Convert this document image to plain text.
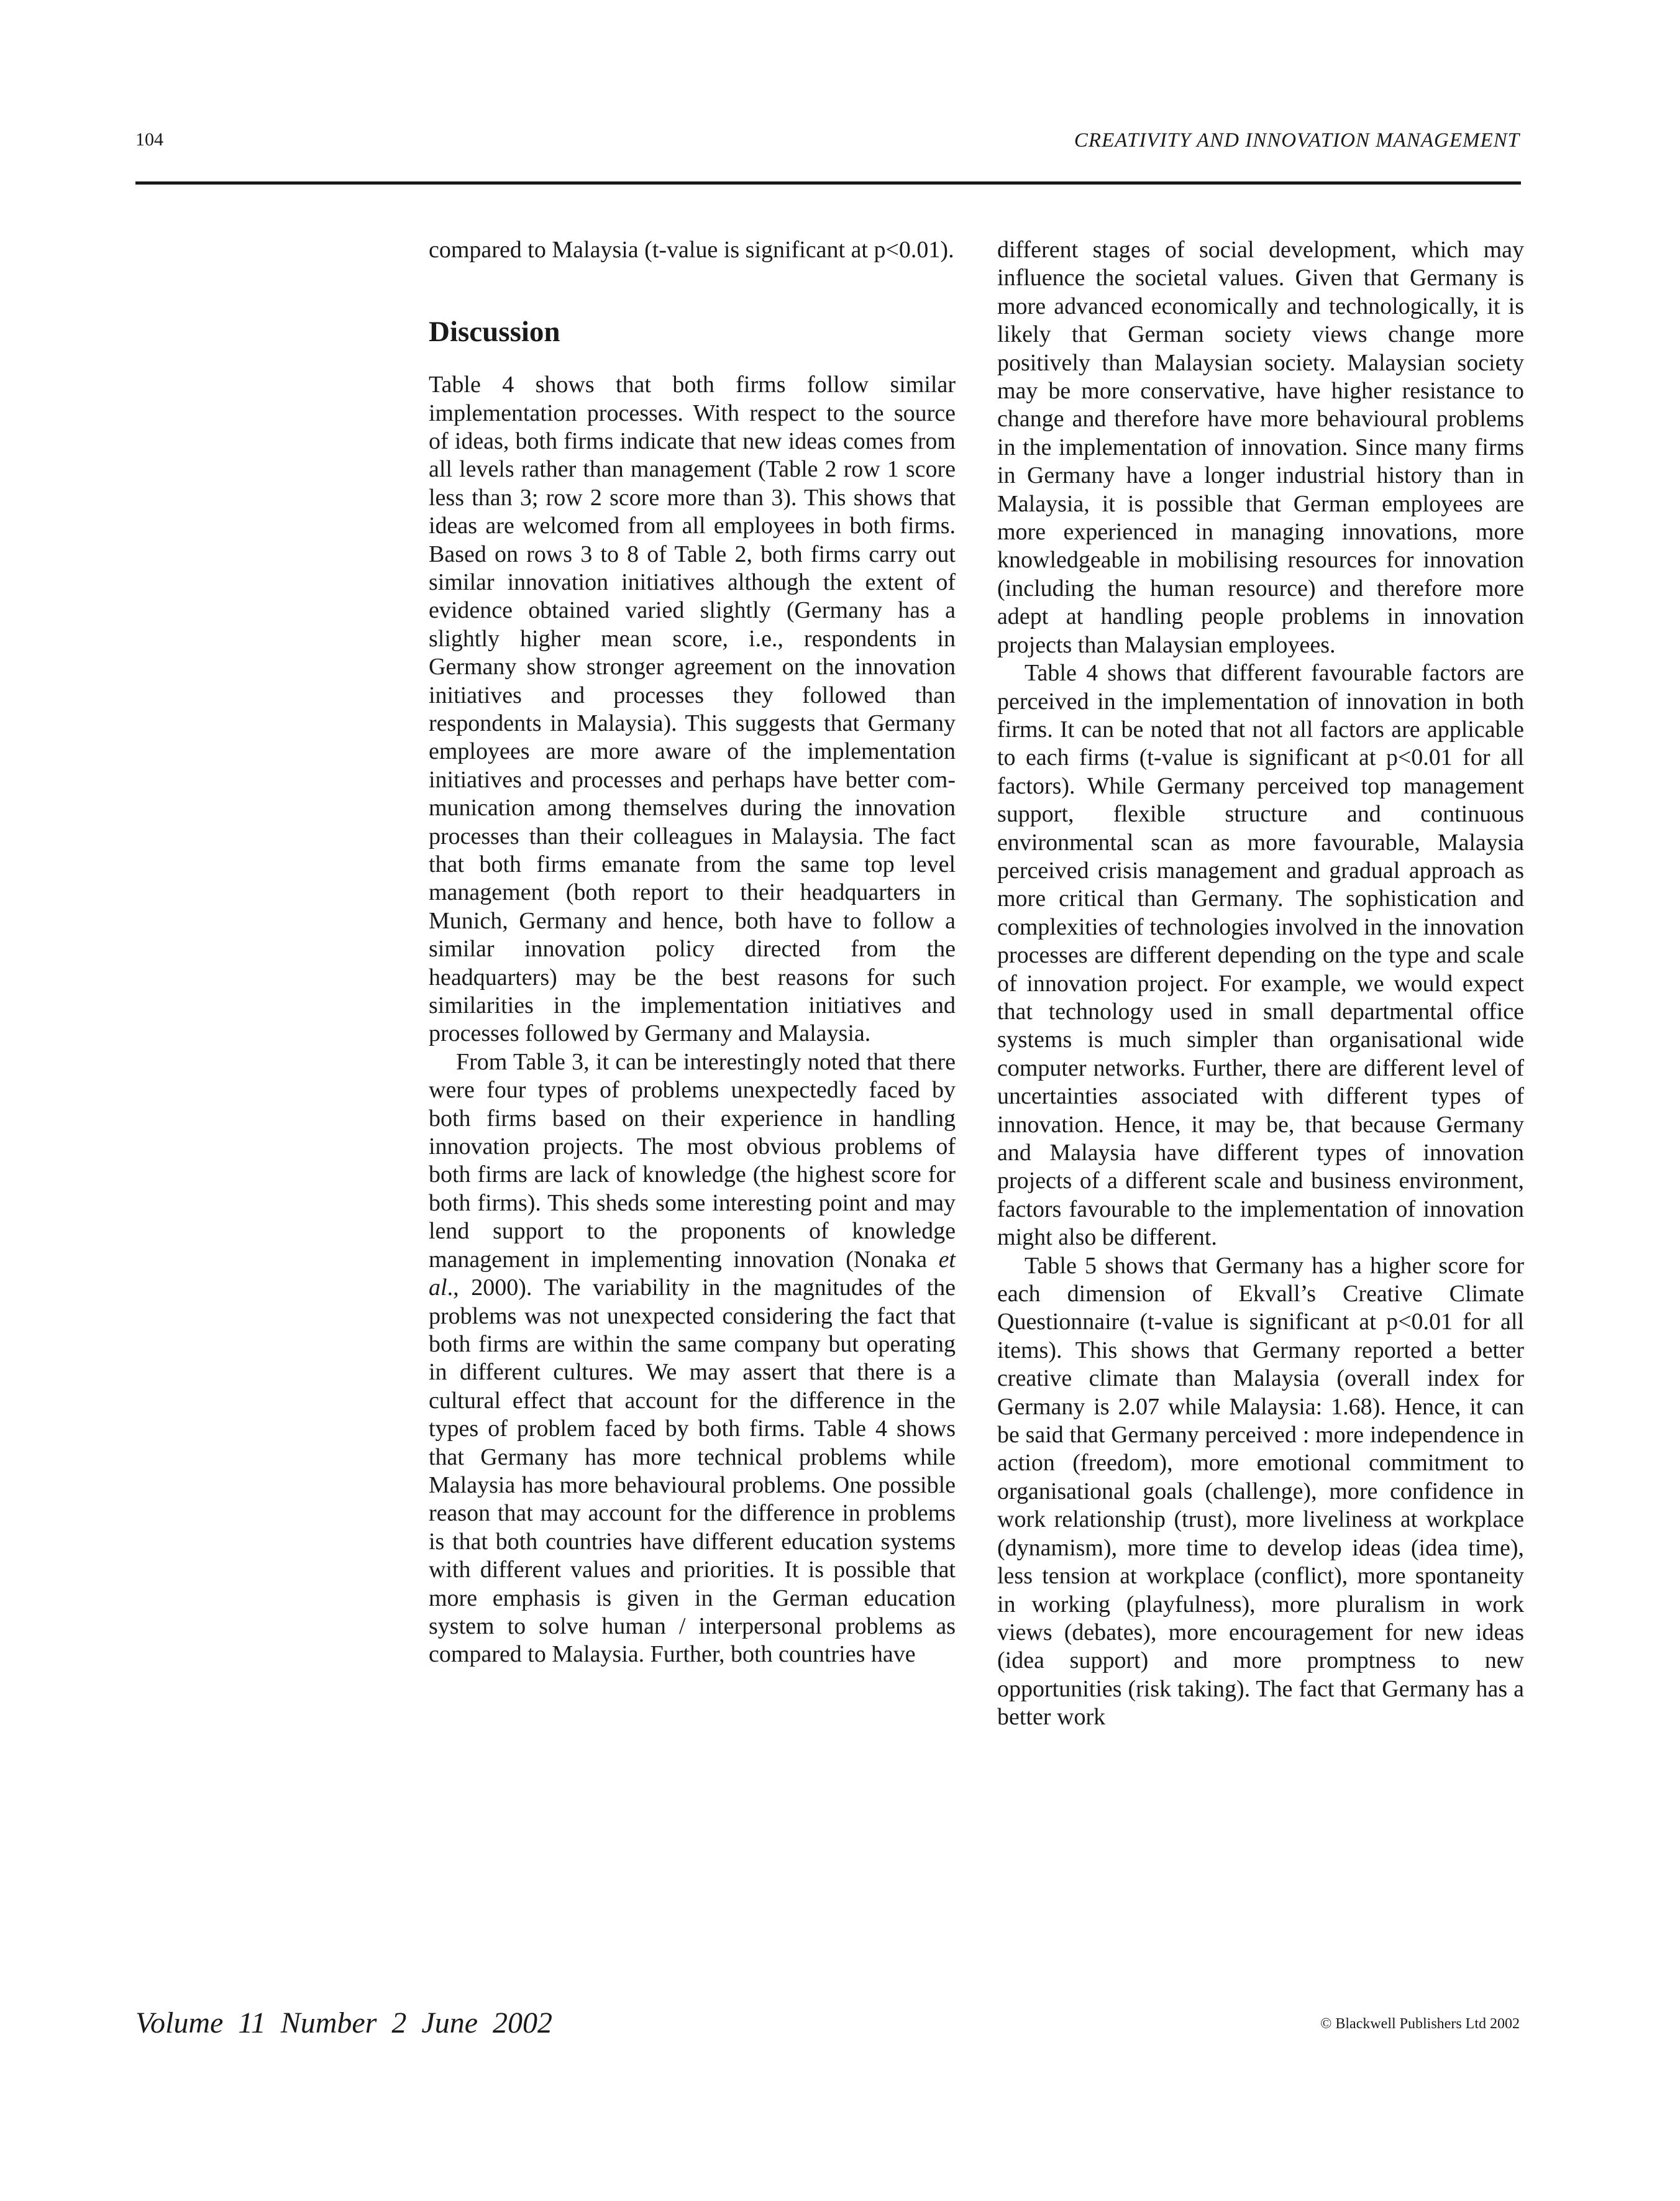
104	CREATIVITY AND INNOVATION MANAGEMENT

compared to Malaysia (t-value is significant at p<0.01).

Discussion

Table 4 shows that both firms follow similar implementation processes. With respect to the source of ideas, both firms indicate that new ideas comes from all levels rather than management (Table 2 row 1 score less than 3; row 2 score more than 3). This shows that ideas are welcomed from all employees in both firms. Based on rows 3 to 8 of Table 2, both firms carry out similar innovation initiatives although the extent of evidence obtained varied slightly (Germany has a slightly higher mean score, i.e., respondents in Germany show stronger agreement on the innovation initiatives and processes they followed than respondents in Malaysia). This suggests that Germany employees are more aware of the implementation initiatives and processes and perhaps have better communication among themselves during the innovation processes than their colleagues in Malaysia. The fact that both firms emanate from the same top level management (both report to their headquarters in Munich, Germany and hence, both have to follow a similar innovation policy directed from the headquarters) may be the best reasons for such similarities in the implementation initiatives and processes followed by Germany and Malaysia.

From Table 3, it can be interestingly noted that there were four types of problems unexpectedly faced by both firms based on their experience in handling innovation projects. The most obvious problems of both firms are lack of knowledge (the highest score for both firms). This sheds some interesting point and may lend support to the proponents of knowledge management in implementing innovation (Nonaka et al., 2000). The variability in the magnitudes of the problems was not unexpected considering the fact that both firms are within the same company but operating in different cultures. We may assert that there is a cultural effect that account for the difference in the types of problem faced by both firms. Table 4 shows that Germany has more technical problems while Malaysia has more behavioural problems. One possible reason that may account for the difference in problems is that both countries have different education systems with different values and priorities. It is possible that more emphasis is given in the German education system to solve human / interpersonal problems as compared to Malaysia. Further, both countries have

different stages of social development, which may influence the societal values. Given that Germany is more advanced economically and technologically, it is likely that German society views change more positively than Malaysian society. Malaysian society may be more conservative, have higher resistance to change and therefore have more behavioural problems in the implementation of innovation. Since many firms in Germany have a longer industrial history than in Malaysia, it is possible that German employees are more experienced in managing innovations, more knowledgeable in mobilising resources for innovation (including the human resource) and therefore more adept at handling people problems in innovation projects than Malaysian employees.

Table 4 shows that different favourable factors are perceived in the implementation of innovation in both firms. It can be noted that not all factors are applicable to each firms (t-value is significant at p<0.01 for all factors). While Germany perceived top management support, flexible structure and continuous environmental scan as more favourable, Malaysia perceived crisis management and gradual approach as more critical than Germany. The sophistication and complexities of technologies involved in the innovation processes are different depending on the type and scale of innovation project. For example, we would expect that technology used in small departmental office systems is much simpler than organisational wide computer networks. Further, there are different level of uncertainties associated with different types of innovation. Hence, it may be, that because Germany and Malaysia have different types of innovation projects of a different scale and business environment, factors favourable to the implementation of innovation might also be different.

Table 5 shows that Germany has a higher score for each dimension of Ekvall’s Creative Climate Questionnaire (t-value is significant at p<0.01 for all items). This shows that Germany reported a better creative climate than Malaysia (overall index for Germany is 2.07 while Malaysia: 1.68). Hence, it can be said that Germany perceived : more independence in action (freedom), more emotional commitment to organisational goals (challenge), more confidence in work relationship (trust), more liveliness at workplace (dynamism), more time to develop ideas (idea time), less tension at workplace (conflict), more spontaneity in working (playfulness), more pluralism in work views (debates), more encouragement for new ideas (idea support) and more promptness to new opportunities (risk taking). The fact that Germany has a better work

Volume 11 Number 2 June 2002	© Blackwell Publishers Ltd 2002
